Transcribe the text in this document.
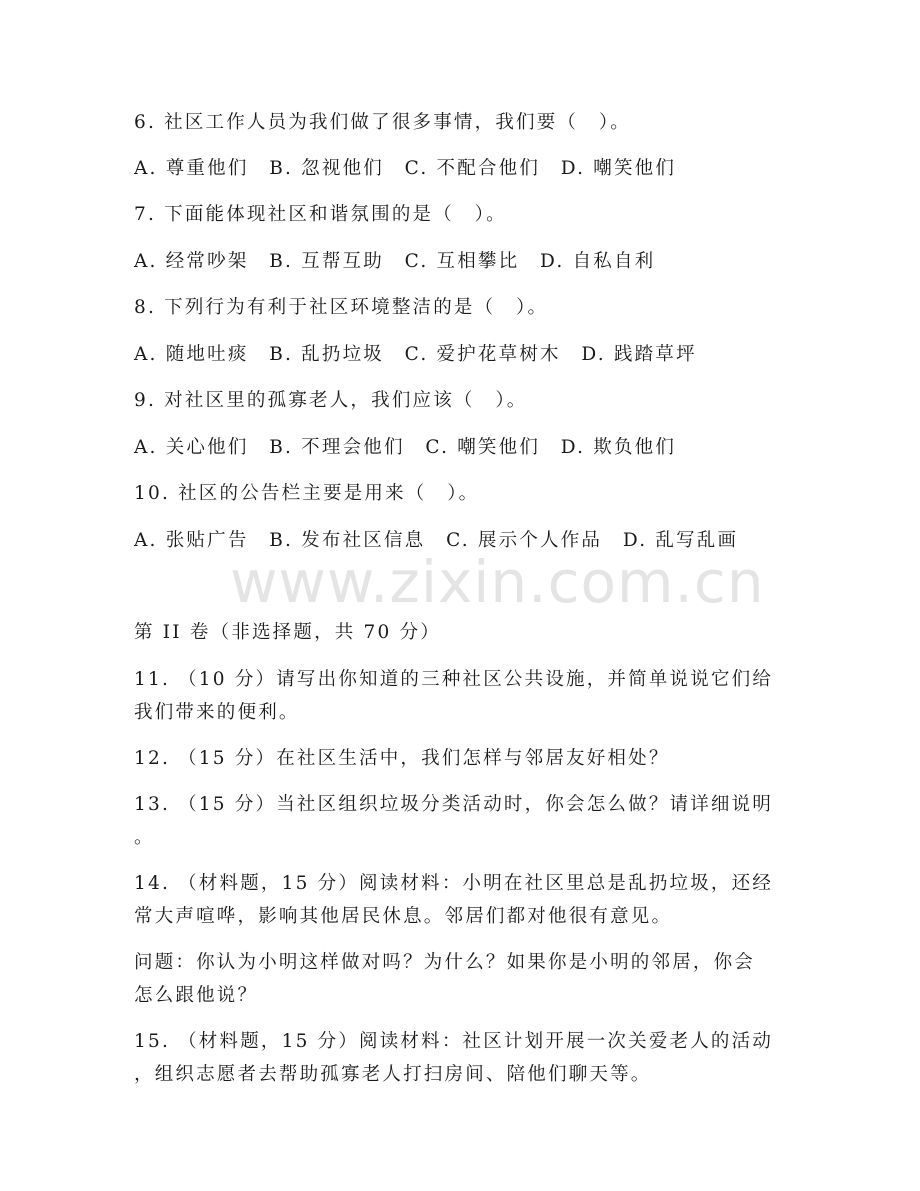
www.zixin.com.cn
6. 社区工作人员为我们做了很多事情，我们要（　）。
A. 尊重他们　B. 忽视他们　C. 不配合他们　D. 嘲笑他们
7. 下面能体现社区和谐氛围的是（　）。
A. 经常吵架　B. 互帮互助　C. 互相攀比　D. 自私自利
8. 下列行为有利于社区环境整洁的是（　）。
A. 随地吐痰　B. 乱扔垃圾　C. 爱护花草树木　D. 践踏草坪
9. 对社区里的孤寡老人，我们应该（　）。
A. 关心他们　B. 不理会他们　C. 嘲笑他们　D. 欺负他们
10. 社区的公告栏主要是用来（　）。
A. 张贴广告　B. 发布社区信息　C. 展示个人作品　D. 乱写乱画
第 II 卷（非选择题，共 70 分）
11. （10 分）请写出你知道的三种社区公共设施，并简单说说它们给
我们带来的便利。
12. （15 分）在社区生活中，我们怎样与邻居友好相处？
13. （15 分）当社区组织垃圾分类活动时，你会怎么做？请详细说明
。
14. （材料题，15 分）阅读材料：小明在社区里总是乱扔垃圾，还经
常大声喧哗，影响其他居民休息。邻居们都对他很有意见。
问题：你认为小明这样做对吗？为什么？如果你是小明的邻居，你会
怎么跟他说？
15. （材料题，15 分）阅读材料：社区计划开展一次关爱老人的活动
，组织志愿者去帮助孤寡老人打扫房间、陪他们聊天等。
